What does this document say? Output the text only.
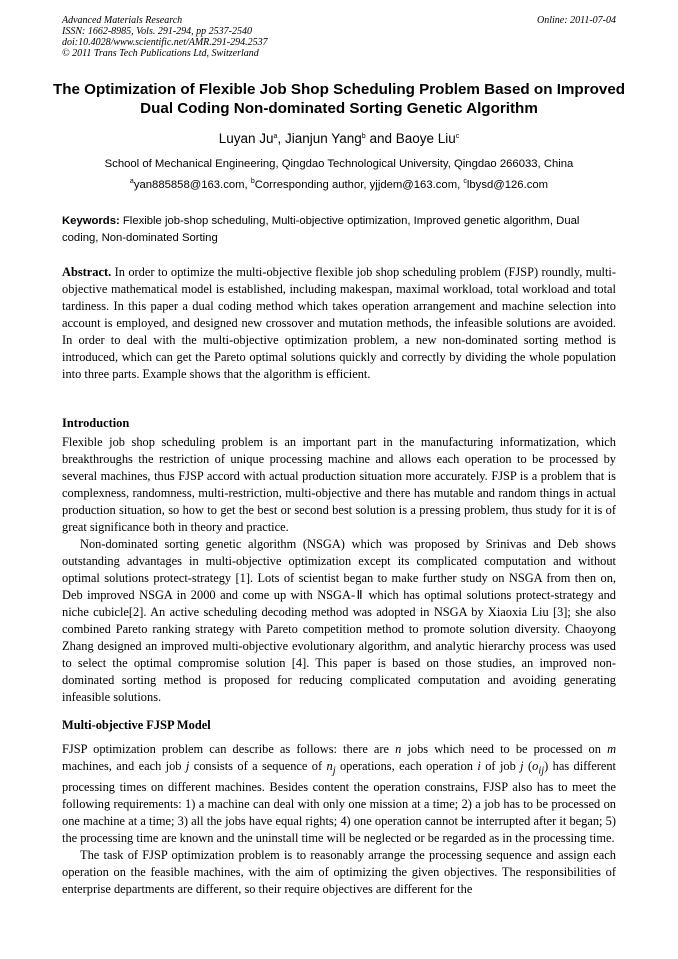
Advanced Materials Research
ISSN: 1662-8985, Vols. 291-294, pp 2537-2540
doi:10.4028/www.scientific.net/AMR.291-294.2537
© 2011 Trans Tech Publications Ltd, Switzerland
Online: 2011-07-04
The Optimization of Flexible Job Shop Scheduling Problem Based on Improved Dual Coding Non-dominated Sorting Genetic Algorithm
Luyan Ju$^a$, Jianjun Yang$^b$ and Baoye Liu$^c$
School of Mechanical Engineering, Qingdao Technological University, Qingdao 266033, China
$^a$yan885858@163.com, $^b$Corresponding author, yjjdem@163.com, $^c$lbysd@126.com
Keywords: Flexible job-shop scheduling, Multi-objective optimization, Improved genetic algorithm, Dual coding, Non-dominated Sorting

Abstract. In order to optimize the multi-objective flexible job shop scheduling problem (FJSP) roundly, multi-objective mathematical model is established, including makespan, maximal workload, total workload and total tardiness. In this paper a dual coding method which takes operation arrangement and machine selection into account is employed, and designed new crossover and mutation methods, the infeasible solutions are avoided. In order to deal with the multi-objective optimization problem, a new non-dominated sorting method is introduced, which can get the Pareto optimal solutions quickly and correctly by dividing the whole population into three parts. Example shows that the algorithm is efficient.

Introduction

Flexible job shop scheduling problem is an important part in the manufacturing informatization, which breakthroughs the restriction of unique processing machine and allows each operation to be processed by several machines, thus FJSP accord with actual production situation more accurately. FJSP is a problem that is complexness, randomness, multi-restriction, multi-objective and there has mutable and random things in actual production situation, so how to get the best or second best solution is a pressing problem, thus study for it is of great significance both in theory and practice.

Non-dominated sorting genetic algorithm (NSGA) which was proposed by Srinivas and Deb shows outstanding advantages in multi-objective optimization except its complicated computation and without optimal solutions protect-strategy [1]. Lots of scientist began to make further study on NSGA from then on, Deb improved NSGA in 2000 and come up with NSGA-Ⅱ which has optimal solutions protect-strategy and niche cubicle[2]. An active scheduling decoding method was adopted in NSGA by Xiaoxia Liu [3]; she also combined Pareto ranking strategy with Pareto competition method to promote solution diversity. Chaoyong Zhang designed an improved multi-objective evolutionary algorithm, and analytic hierarchy process was used to select the optimal compromise solution [4]. This paper is based on those studies, an improved non-dominated sorting method is proposed for reducing complicated computation and avoiding generating infeasible solutions.

Multi-objective FJSP Model

FJSP optimization problem can describe as follows: there are n jobs which need to be processed on m machines, and each job j consists of a sequence of $n_j$ operations, each operation i of job j $(o_{ij})$ has different processing times on different machines. Besides content the operation constrains, FJSP also has to meet the following requirements: 1) a machine can deal with only one mission at a time; 2) a job has to be processed on one machine at a time; 3) all the jobs have equal rights; 4) one operation cannot be interrupted after it began; 5) the processing time are known and the uninstall time will be neglected or be regarded as in the processing time.

The task of FJSP optimization problem is to reasonably arrange the processing sequence and assign each operation on the feasible machines, with the aim of optimizing the given objectives. The responsibilities of enterprise departments are different, so their require objectives are different for the
